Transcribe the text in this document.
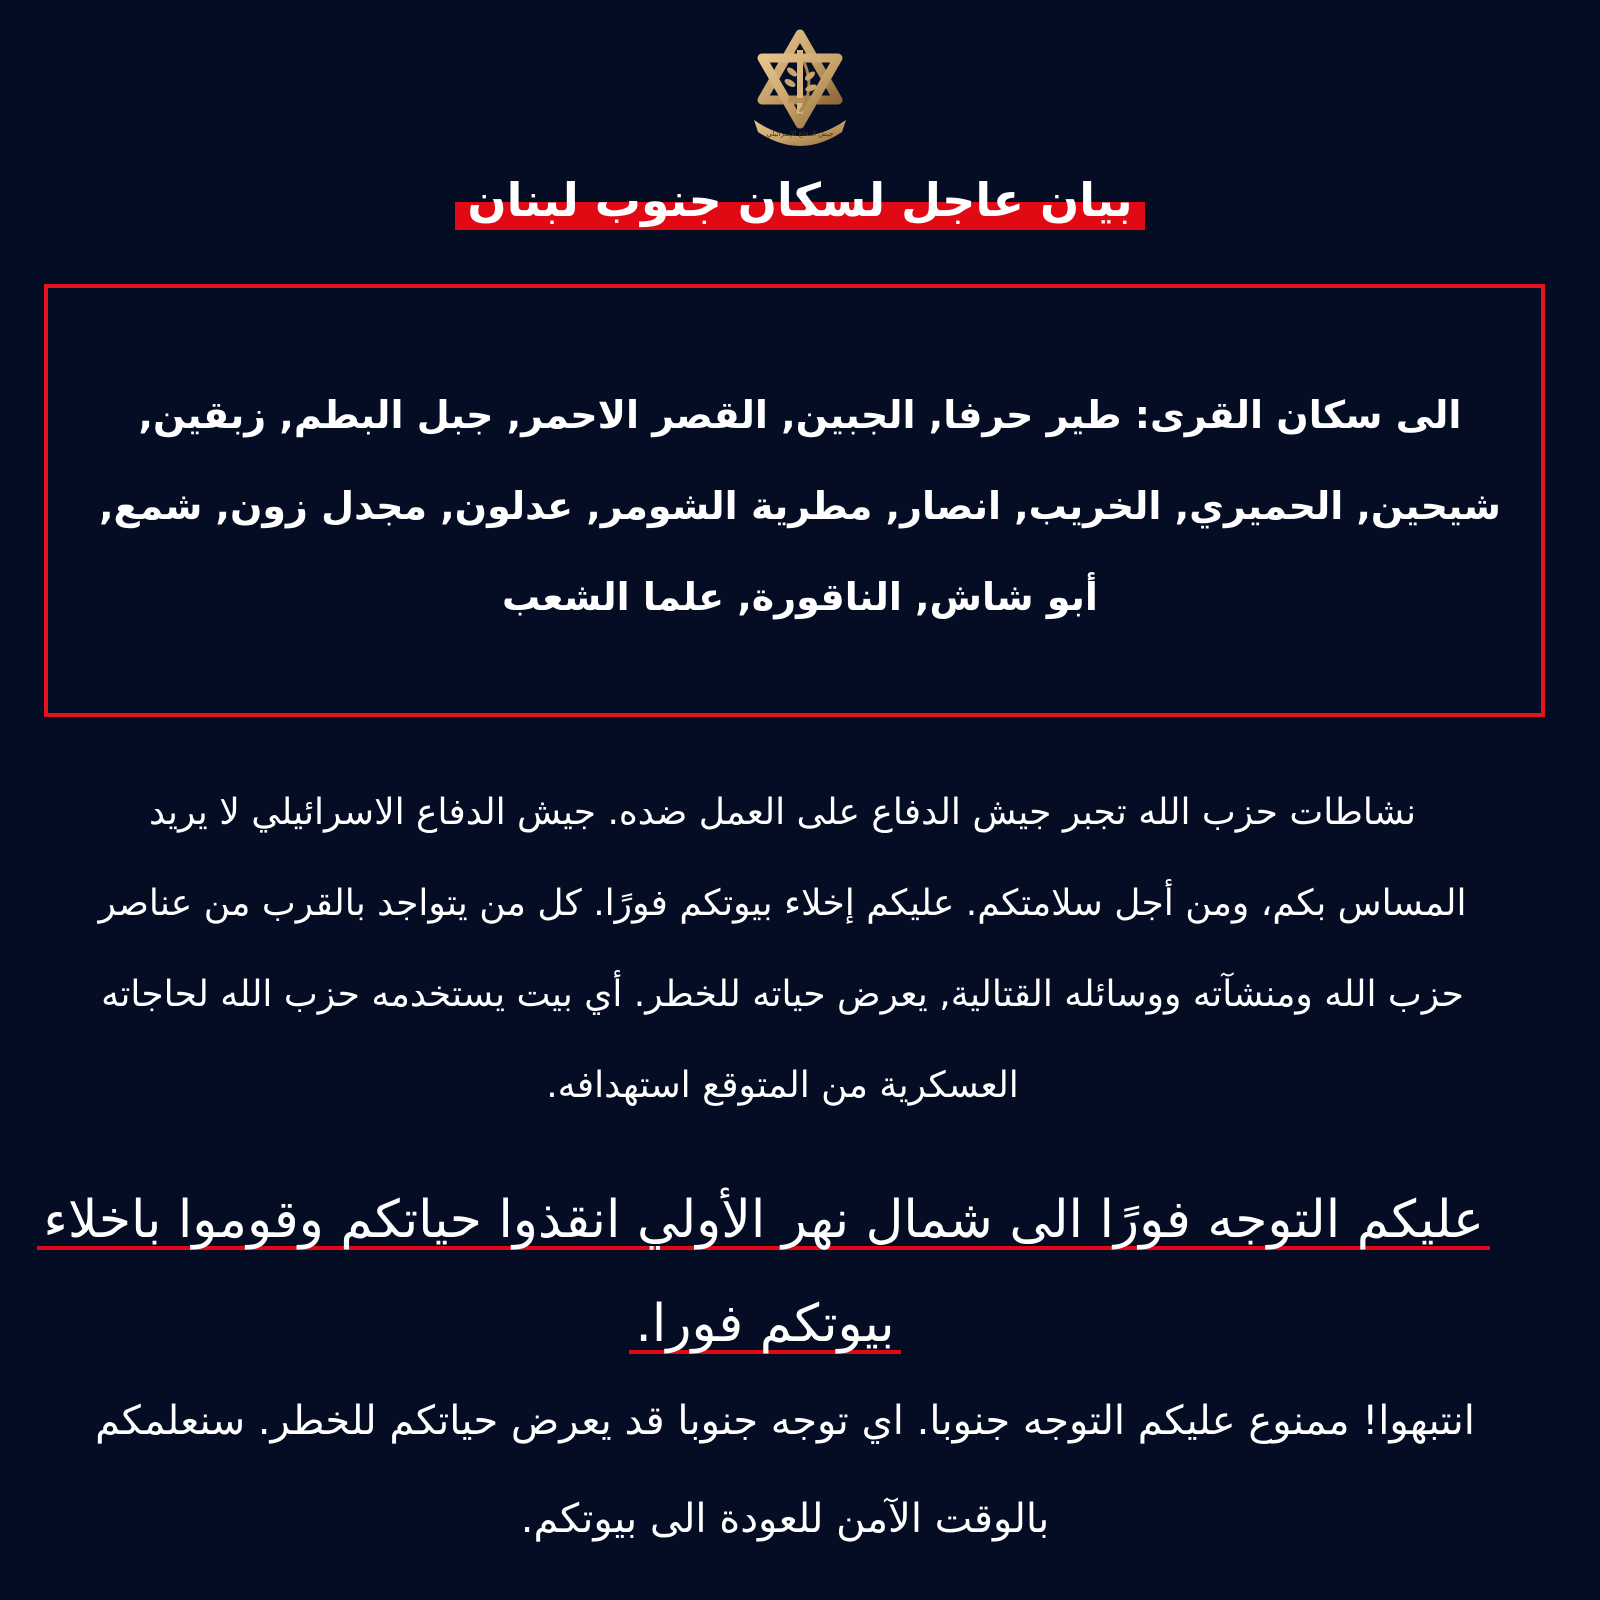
جيش الدفاع الإسرائيلي
بيان عاجل لسكان جنوب لبنان
الى سكان القرى: طير حرفا, الجبين, القصر الاحمر, جبل البطم, زبقين, شيحين, الحميري, الخريب, انصار, مطرية الشومر, عدلون, مجدل زون, شمع, أبو شاش, الناقورة, علما الشعب
نشاطات حزب الله تجبر جيش الدفاع على العمل ضده. جيش الدفاع الاسرائيلي لا يريد المساس بكم، ومن أجل سلامتكم. عليكم إخلاء بيوتكم فورًا. كل من يتواجد بالقرب من عناصر حزب الله ومنشآته ووسائله القتالية, يعرض حياته للخطر. أي بيت يستخدمه حزب الله لحاجاته العسكرية من المتوقع استهدافه.
عليكم التوجه فورًا الى شمال نهر الأولي انقذوا حياتكم وقوموا باخلاء بيوتكم فورا.
انتبهوا! ممنوع عليكم التوجه جنوبا. اي توجه جنوبا قد يعرض حياتكم للخطر. سنعلمكم بالوقت الآمن للعودة الى بيوتكم.
